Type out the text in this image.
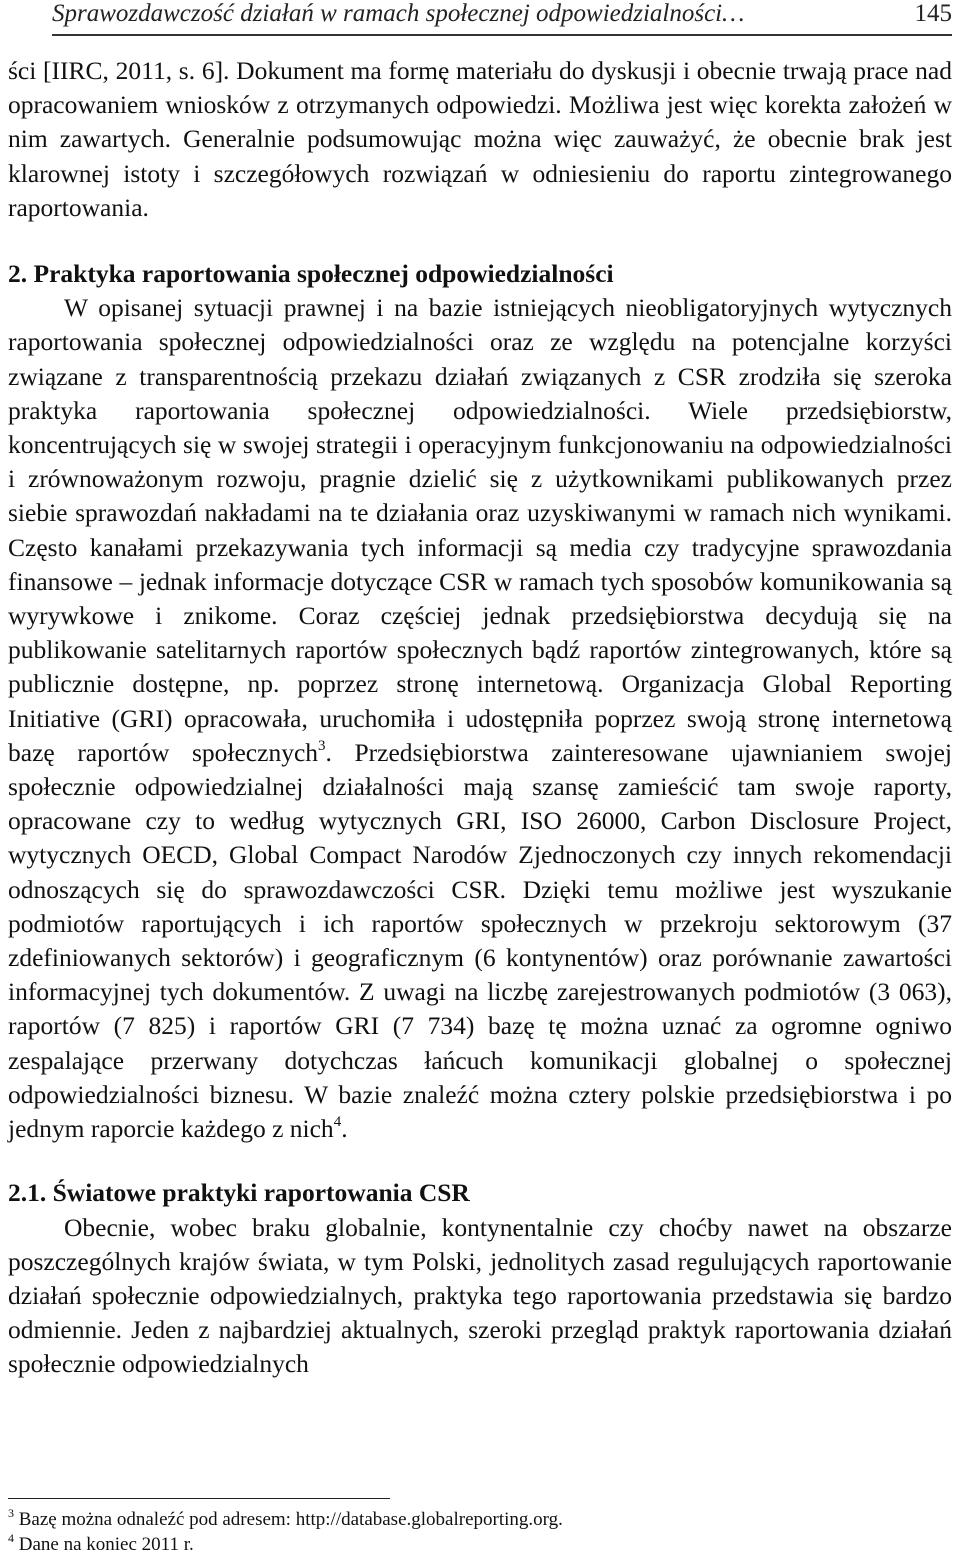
Sprawozdawczość działań w ramach społecznej odpowiedzialności…	145

ści [IIRC, 2011, s. 6]. Dokument ma formę materiału do dyskusji i obecnie trwają prace nad opracowaniem wniosków z otrzymanych odpowiedzi. Możliwa jest więc korekta założeń w nim zawartych. Generalnie podsumowując można więc zauważyć, że obecnie brak jest klarownej istoty i szczegółowych rozwiązań w odniesieniu do raportu zintegrowanego raportowania.

2. Praktyka raportowania społecznej odpowiedzialności

W opisanej sytuacji prawnej i na bazie istniejących nieobligatoryjnych wytycznych raportowania społecznej odpowiedzialności oraz ze względu na potencjalne korzyści związane z transparentnością przekazu działań związanych z CSR zrodziła się szeroka praktyka raportowania społecznej odpowiedzialności. Wiele przedsiębiorstw, koncentrujących się w swojej strategii i operacyjnym funkcjonowaniu na odpowiedzialności i zrównoważonym rozwoju, pragnie dzielić się z użytkownikami publikowanych przez siebie sprawozdań nakładami na te działania oraz uzyskiwanymi w ramach nich wynikami. Często kanałami przekazywania tych informacji są media czy tradycyjne sprawozdania finansowe – jednak informacje dotyczące CSR w ramach tych sposobów komunikowania są wyrywkowe i znikome. Coraz częściej jednak przedsiębiorstwa decydują się na publikowanie satelitarnych raportów społecznych bądź raportów zintegrowanych, które są publicznie dostępne, np. poprzez stronę internetową. Organizacja Global Reporting Initiative (GRI) opracowała, uruchomiła i udostępniła poprzez swoją stronę internetową bazę raportów społecznych$^3$. Przedsiębiorstwa zainteresowane ujawnianiem swojej społecznie odpowiedzialnej działalności mają szansę zamieścić tam swoje raporty, opracowane czy to według wytycznych GRI, ISO 26000, Carbon Disclosure Project, wytycznych OECD, Global Compact Narodów Zjednoczonych czy innych rekomendacji odnoszących się do sprawozdawczości CSR. Dzięki temu możliwe jest wyszukanie podmiotów raportujących i ich raportów społecznych w przekroju sektorowym (37 zdefiniowanych sektorów) i geograficznym (6 kontynentów) oraz porównanie zawartości informacyjnej tych dokumentów. Z uwagi na liczbę zarejestrowanych podmiotów (3 063), raportów (7 825) i raportów GRI (7 734) bazę tę można uznać za ogromne ogniwo zespalające przerwany dotychczas łańcuch komunikacji globalnej o społecznej odpowiedzialności biznesu. W bazie znaleźć można cztery polskie przedsiębiorstwa i po jednym raporcie każdego z nich$^4$.

2.1. Światowe praktyki raportowania CSR

Obecnie, wobec braku globalnie, kontynentalnie czy choćby nawet na obszarze poszczególnych krajów świata, w tym Polski, jednolitych zasad regulujących raportowanie działań społecznie odpowiedzialnych, praktyka tego raportowania przedstawia się bardzo odmiennie. Jeden z najbardziej aktualnych, szeroki przegląd praktyk raportowania działań społecznie odpowiedzialnych

$^3$ Bazę można odnaleźć pod adresem: http://database.globalreporting.org.
$^4$ Dane na koniec 2011 r.
